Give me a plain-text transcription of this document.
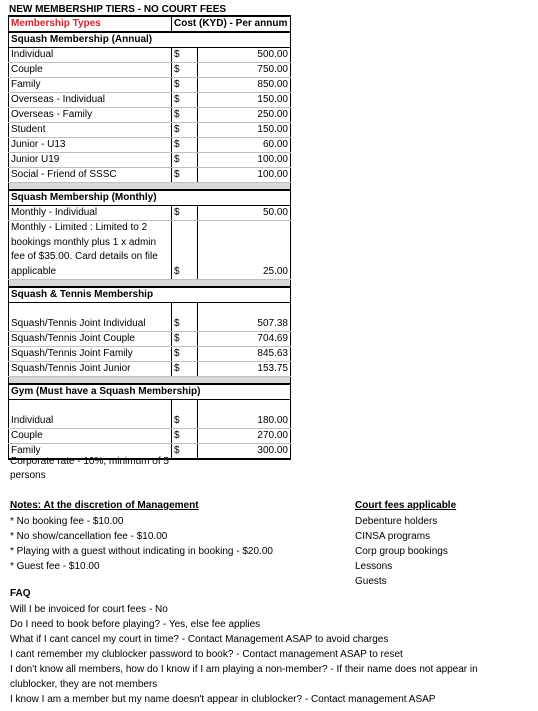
NEW MEMBERSHIP TIERS - NO COURT FEES
Membership Types	Cost (KYD) - Per annum	
Squash Membership (Annual)		
Individual	$	500.00
Couple	$	750.00
Family	$	850.00
Overseas - Individual	$	150.00
Overseas - Family	$	250.00
Student	$	150.00
Junior - U13	$	60.00
Junior U19	$	100.00
Social - Friend of SSSC	$	100.00

Squash Membership (Monthly)		
Monthly - Individual	$	50.00
Monthly - Limited : Limited to 2 bookings monthly plus 1 x admin fee of $35.00. Card details on file applicable	$	25.00

Squash & Tennis Membership		

Squash/Tennis Joint Individual	$	507.38
Squash/Tennis Joint Couple	$	704.69
Squash/Tennis Joint Family	$	845.63
Squash/Tennis Joint Junior	$	153.75

Gym (Must have a Squash Membership)		

Individual	$	180.00
Couple	$	270.00
Family	$	300.00
Corporate rate - 10%, minimum of 5 persons
Notes: At the discretion of Management
* No booking fee - $10.00
* No show/cancellation fee - $10.00
* Playing with a guest without indicating in booking - $20.00
* Guest fee - $10.00
Court fees applicable
Debenture holders
CINSA programs
Corp group bookings
Lessons
Guests
FAQ
Will I be invoiced for court fees - No
Do I need to book before playing? - Yes, else fee applies
What if I cant cancel my court in time? - Contact Management ASAP to avoid charges
I cant remember my clublocker password to book? - Contact management ASAP to reset
I don't know all members, how do I know if I am playing a non-member? - If their name does not appear in clublocker, they are not members
I know I am a member but my name doesn't appear in clublocker? - Contact management ASAP
